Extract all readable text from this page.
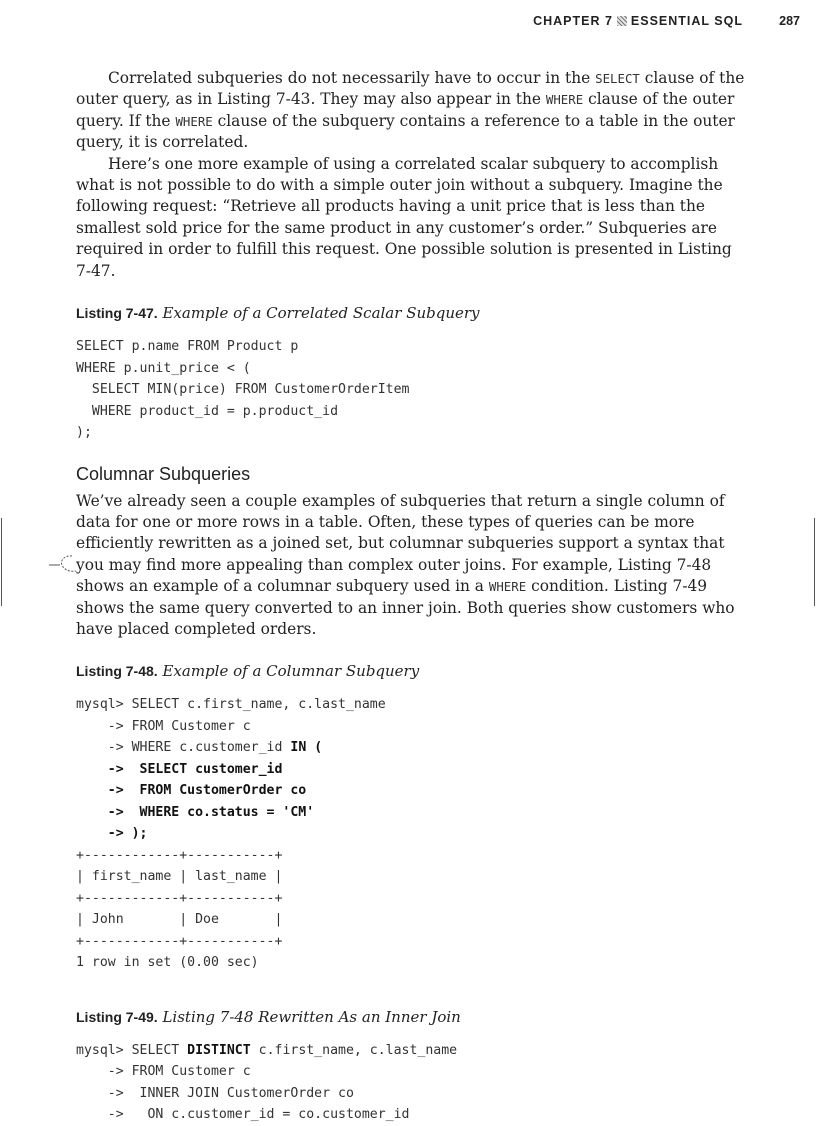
CHAPTER 7 ESSENTIAL SQL	287

Correlated subqueries do not necessarily have to occur in the SELECT clause of the outer query, as in Listing 7-43. They may also appear in the WHERE clause of the outer query. If the WHERE clause of the subquery contains a reference to a table in the outer query, it is correlated.

Here’s one more example of using a correlated scalar subquery to accomplish what is not possible to do with a simple outer join without a subquery. Imagine the following request: “Retrieve all products having a unit price that is less than the smallest sold price for the same product in any customer’s order.” Subqueries are required in order to fulfill this request. One possible solution is presented in Listing 7-47.

Listing 7-47. Example of a Correlated Scalar Subquery
SELECT p.name FROM Product p
WHERE p.unit_price < (
SELECT MIN(price) FROM CustomerOrderItem
WHERE product_id = p.product_id
);
Columnar Subqueries

We’ve already seen a couple examples of subqueries that return a single column of data for one or more rows in a table. Often, these types of queries can be more efficiently rewritten as a joined set, but columnar subqueries support a syntax that you may find more appealing than complex outer joins. For example, Listing 7-48 shows an example of a columnar subquery used in a WHERE condition. Listing 7-49 shows the same query converted to an inner join. Both queries show customers who have placed completed orders.

Listing 7-48. Example of a Columnar Subquery
mysql> SELECT c.first_name, c.last_name
-> FROM Customer c
-> WHERE c.customer_id IN (
->  SELECT customer_id
->  FROM CustomerOrder co
->  WHERE co.status = 'CM'
-> );
+------------+-----------+
| first_name | last_name |
+------------+-----------+
| John       | Doe       |
+------------+-----------+
1 row in set (0.00 sec)
Listing 7-49. Listing 7-48 Rewritten As an Inner Join
mysql> SELECT DISTINCT c.first_name, c.last_name
-> FROM Customer c
->  INNER JOIN CustomerOrder co
->   ON c.customer_id = co.customer_id
